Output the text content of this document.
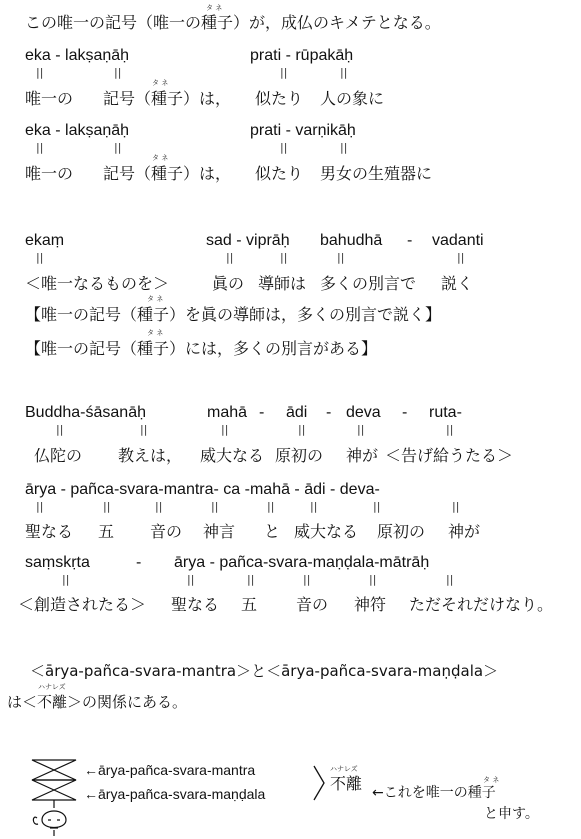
タ ネ
この唯一の記号（唯一の種子）が，成仏のキメテとなる。
eka - lakṣaṇāḥ	prati - rūpakāḥ
||	||	||	||
タ ネ
唯一の 記号（種子）は， 似たり 人の象に
eka - lakṣaṇāḥ	prati - varṇikāḥ
||	||	||	||
タ ネ
唯一の 記号（種子）は， 似たり 男女の生殖器に
ekaṃ	sad - viprāḥ bahudhā - vadanti
||	||	||	||	||
＜唯一なるものを＞	眞の 導師は 多くの別言で 説く
タ ネ
【唯一の記号（種子）を眞の導師は，多くの別言で説く】
タ ネ
【唯一の記号（種子）には，多くの別言がある】
Buddha-śāsanāḥ	mahā - ādi - deva - ruta-
||	||	||	||	||	||
仏陀の 教えは， 威大なる 原初の 神が ＜告げ給うたる＞
ārya - pañca-svara-mantra- ca -mahā - ādi - deva-
||	||	||	||	||	||	||	||
聖なる 五 音の 神言 と 威大なる 原初の 神が
saṃskṛta	- ārya - pañca-svara-maṇḍala-mātrāḥ
||	||	||	||	||	||
＜創造されたる＞ 聖なる 五 音の 神符 ただそれだけなり。
＜ārya-pañca-svara-mantra＞と＜ārya-pañca-svara-maṇḍala＞
ハナレズ
は＜不離＞の関係にある。
←ārya-pañca-svara-mantra
←ārya-pañca-svara-maṇḍala
ハナレズ
不離	タ ネ
←これを唯一の種子
と申す。
